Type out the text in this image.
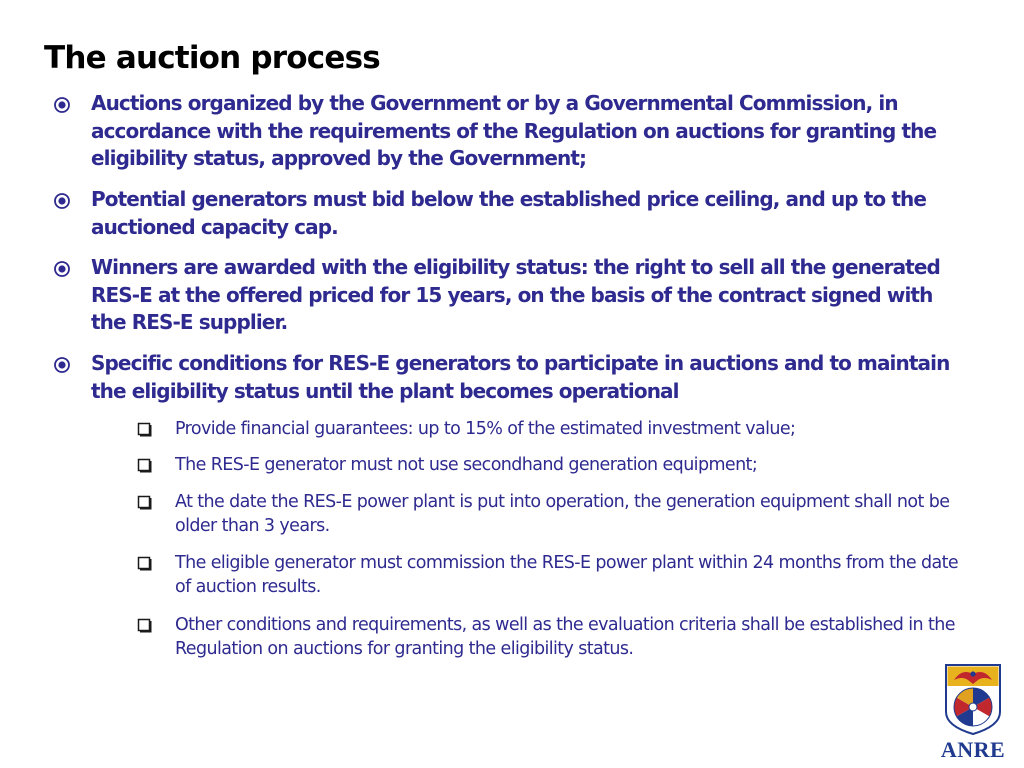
The auction process
Auctions organized by the Government or by a Governmental Commission, in accordance with the requirements of the Regulation on auctions for granting the eligibility status, approved by the Government;
Potential generators must bid below the established price ceiling, and up to the auctioned capacity cap.
Winners are awarded with the eligibility status: the right to sell all the generated RES-E at the offered priced for 15 years, on the basis of the contract signed with the RES-E supplier.
Specific conditions for RES-E generators to participate in auctions and to maintain the eligibility status until the plant becomes operational
Provide financial guarantees: up to 15% of the estimated investment value;
The RES-E generator must not use secondhand generation equipment;
At the date the RES-E power plant is put into operation, the generation equipment shall not be older than 3 years.
The eligible generator must commission the RES-E power plant within 24 months from the date of auction results.
Other conditions and requirements, as well as the evaluation criteria shall be established in the Regulation on auctions for granting the eligibility status.
ANRE
